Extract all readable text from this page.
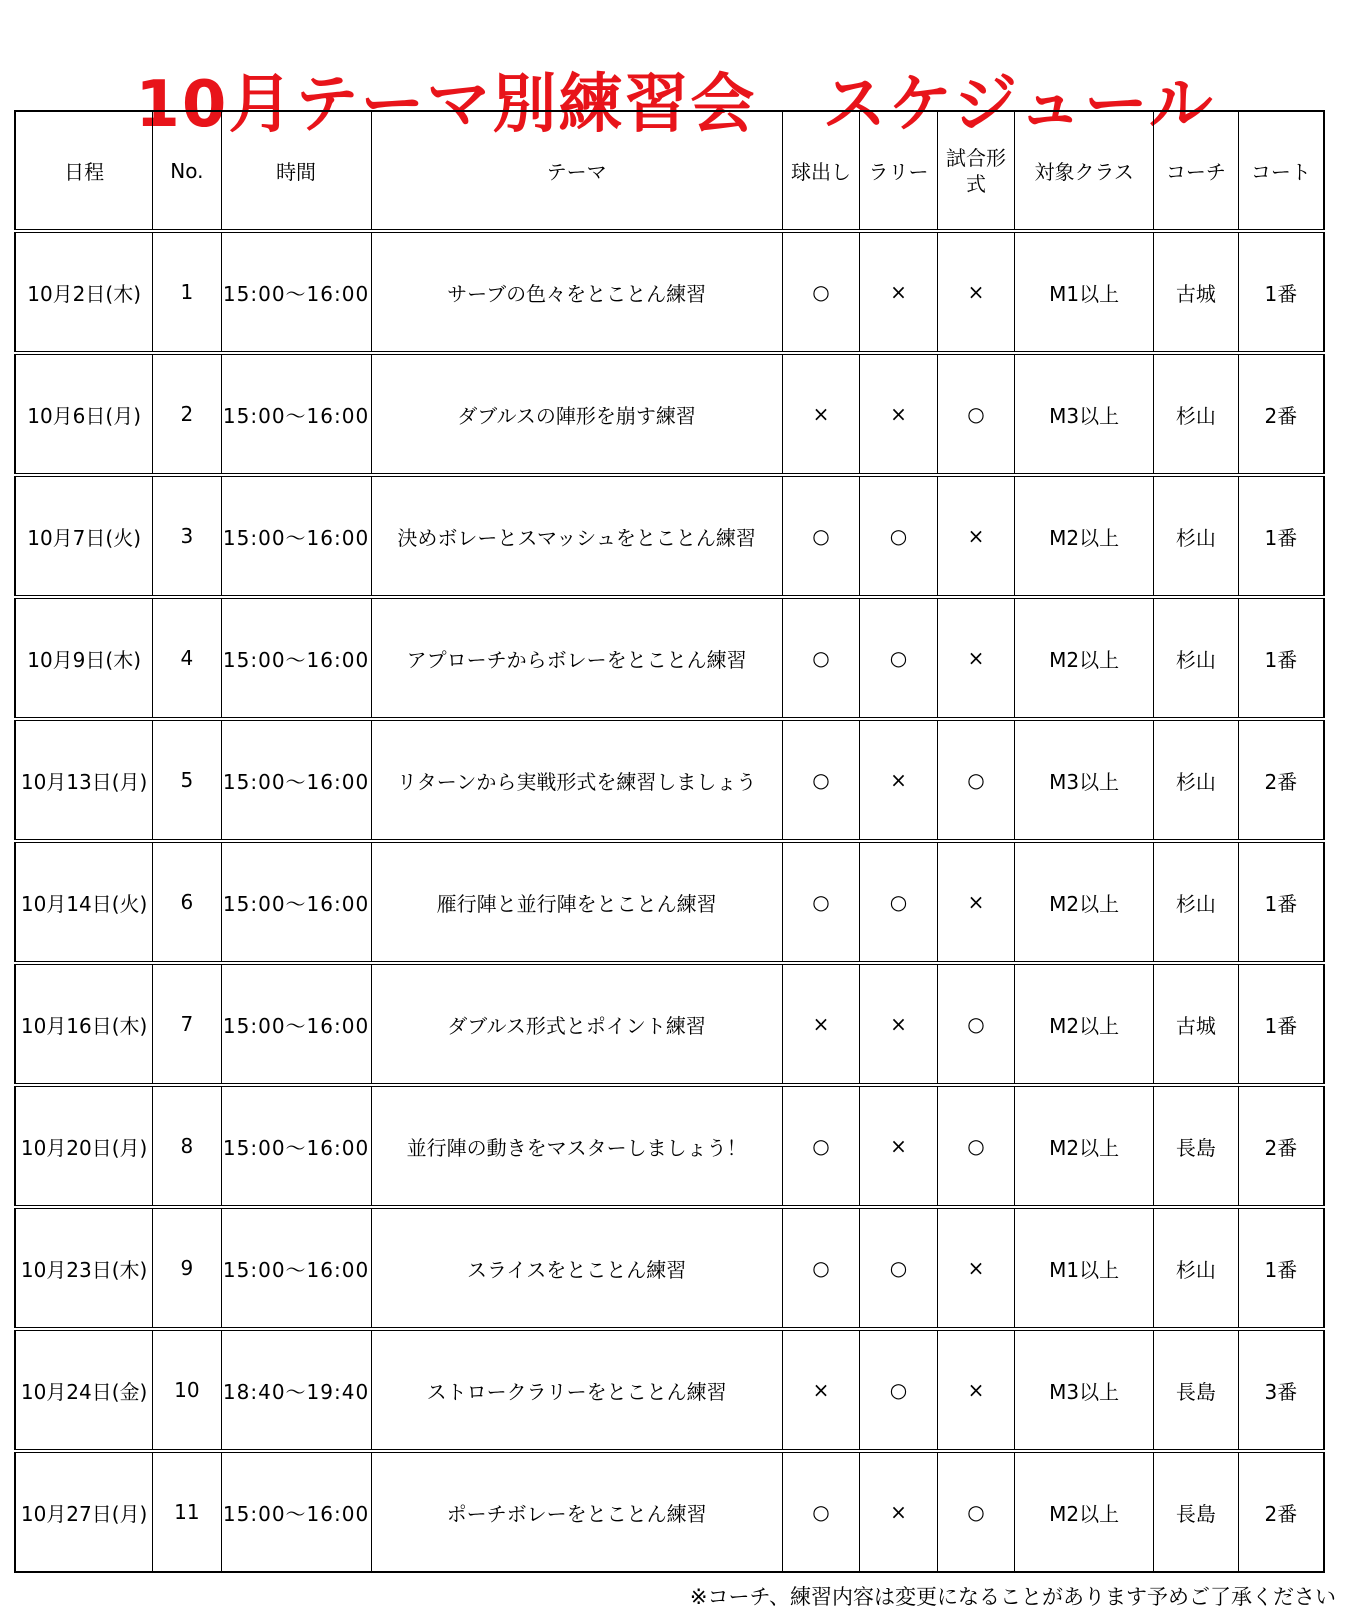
10月テーマ別練習会　スケジュール
日程	No.	時間	テーマ	球出し	ラリー	試合形式	対象クラス	コーチ	コート
10月2日(木)	1	15:00〜16:00	サーブの色々をとことん練習	○	×	×	M1以上	古城	1番
10月6日(月)	2	15:00〜16:00	ダブルスの陣形を崩す練習	×	×	○	M3以上	杉山	2番
10月7日(火)	3	15:00〜16:00	決めボレーとスマッシュをとことん練習	○	○	×	M2以上	杉山	1番
10月9日(木)	4	15:00〜16:00	アプローチからボレーをとことん練習	○	○	×	M2以上	杉山	1番
10月13日(月)	5	15:00〜16:00	リターンから実戦形式を練習しましょう	○	×	○	M3以上	杉山	2番
10月14日(火)	6	15:00〜16:00	雁行陣と並行陣をとことん練習	○	○	×	M2以上	杉山	1番
10月16日(木)	7	15:00〜16:00	ダブルス形式とポイント練習	×	×	○	M2以上	古城	1番
10月20日(月)	8	15:00〜16:00	並行陣の動きをマスターしましょう！	○	×	○	M2以上	長島	2番
10月23日(木)	9	15:00〜16:00	スライスをとことん練習	○	○	×	M1以上	杉山	1番
10月24日(金)	10	18:40〜19:40	ストロークラリーをとことん練習	×	○	×	M3以上	長島	3番
10月27日(月)	11	15:00〜16:00	ポーチボレーをとことん練習	○	×	○	M2以上	長島	2番
※コーチ、練習内容は変更になることがあります予めご了承ください
